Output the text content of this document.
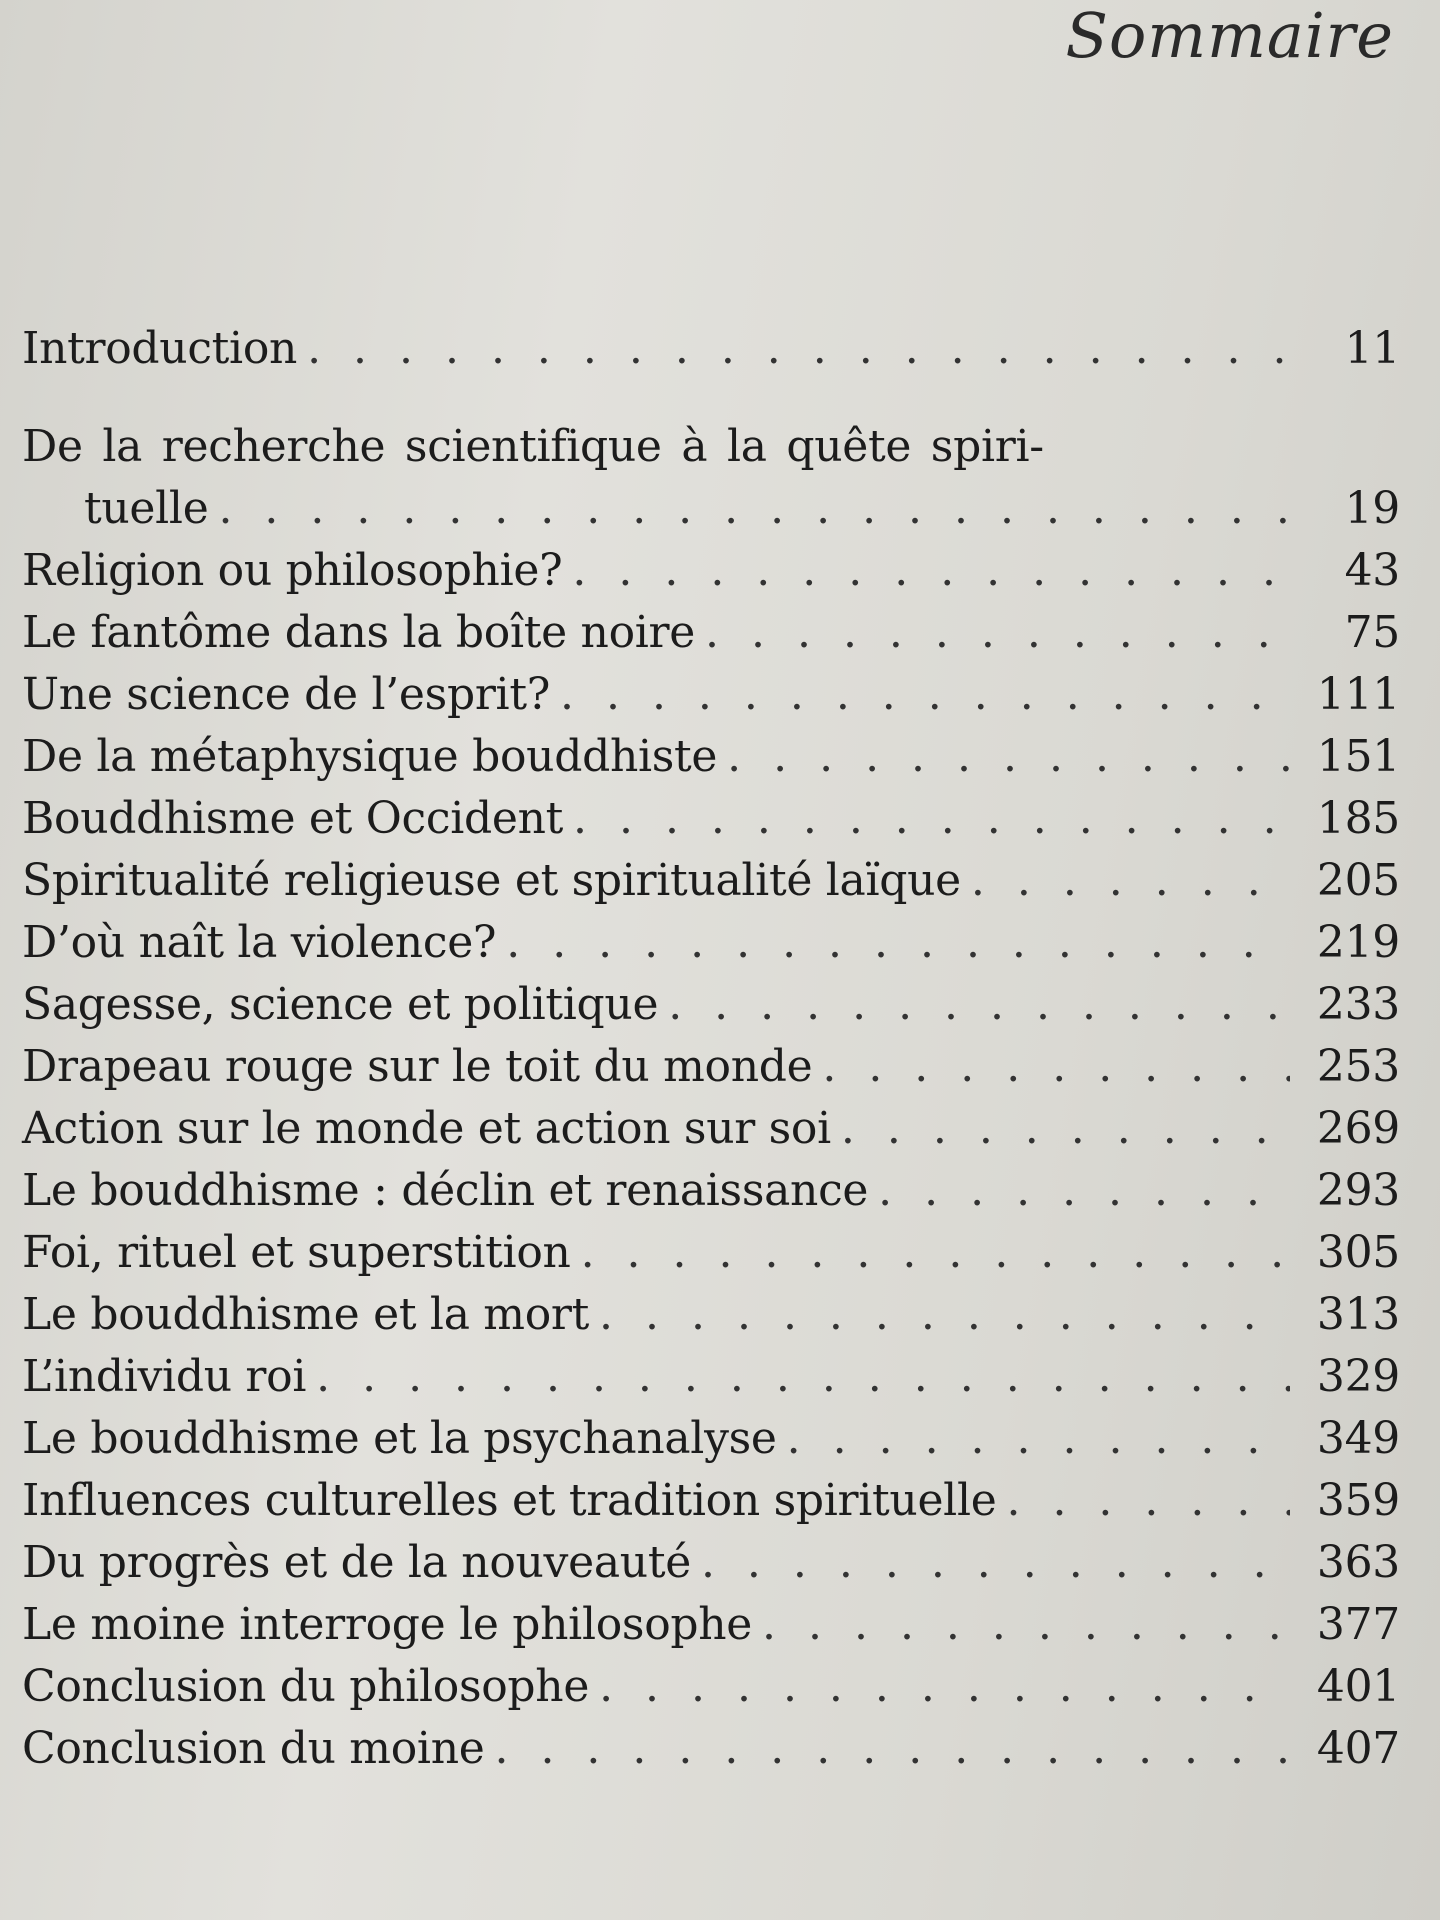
Sommaire
Introduction . . .	11
De la recherche scientifique à la quête spiri-
tuelle . . .	19
Religion ou philosophie? . . .	43
Le fantôme dans la boîte noire . . .	75
Une science de l’esprit? . . .	111
De la métaphysique bouddhiste . . .	151
Bouddhisme et Occident . . .	185
Spiritualité religieuse et spiritualité laïque . . .	205
D’où naît la violence? . . .	219
Sagesse, science et politique . . .	233
Drapeau rouge sur le toit du monde . . .	253
Action sur le monde et action sur soi . . .	269
Le bouddhisme : déclin et renaissance . . .	293
Foi, rituel et superstition . . .	305
Le bouddhisme et la mort . . .	313
L’individu roi . . .	329
Le bouddhisme et la psychanalyse . . .	349
Influences culturelles et tradition spirituelle . . .	359
Du progrès et de la nouveauté . . .	363
Le moine interroge le philosophe . . .	377
Conclusion du philosophe . . .	401
Conclusion du moine . . .	407
